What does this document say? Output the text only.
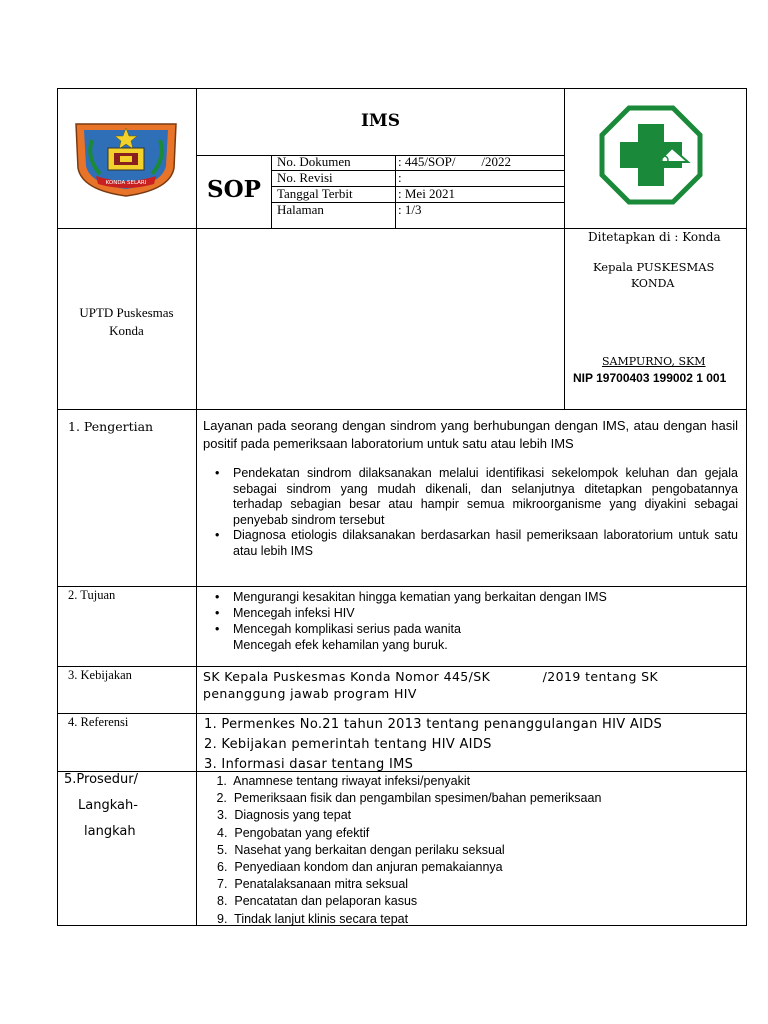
KONDA SELARI
IMS
SOP
No. Dokumen	: 445/SOP/        /2022
No. Revisi	:
Tanggal Terbit	: Mei 2021
Halaman	: 1/3
UPTD Puskesmas
Konda
Ditetapkan di : Konda
Kepala PUSKESMAS
KONDA
SAMPURNO, SKM
NIP 19700403 199002 1 001
1. Pengertian	Layanan pada seorang dengan sindrom yang berhubungan dengan IMS, atau dengan hasil positif pada pemeriksaan laboratorium untuk satu atau lebih IMS
• Pendekatan sindrom dilaksanakan melalui identifikasi sekelompok keluhan dan gejala sebagai sindrom yang mudah dikenali, dan selanjutnya ditetapkan pengobatannya terhadap sebagian besar atau hampir semua mikroorganisme yang diyakini sebagai penyebab sindrom tersebut
• Diagnosa etiologis dilaksanakan berdasarkan hasil pemeriksaan laboratorium untuk satu atau lebih IMS
2. Tujuan
•	Mengurangi kesakitan hingga kematian yang berkaitan dengan IMS
• Mencegah infeksi HIV
• Mencegah komplikasi serius pada wanita
Mencegah efek kehamilan yang buruk.
3. Kebijakan	SK Kepala Puskesmas Konda Nomor 445/SK            /2019 tentang SK
penanggung jawab program HIV
4. Referensi	1. Permenkes No.21 tahun 2013 tentang penanggulangan HIV AIDS
2. Kebijakan pemerintah tentang HIV AIDS
3. Informasi dasar tentang IMS
5.Prosedur/
Langkah-
langkah
1.  Anamnese tentang riwayat infeksi/penyakit
2.  Pemeriksaan fisik dan pengambilan spesimen/bahan pemeriksaan
3.  Diagnosis yang tepat
4.  Pengobatan yang efektif
5.  Nasehat yang berkaitan dengan perilaku seksual
6.  Penyediaan kondom dan anjuran pemakaiannya
7.  Penatalaksanaan mitra seksual
8.  Pencatatan dan pelaporan kasus
9.  Tindak lanjut klinis secara tepat
